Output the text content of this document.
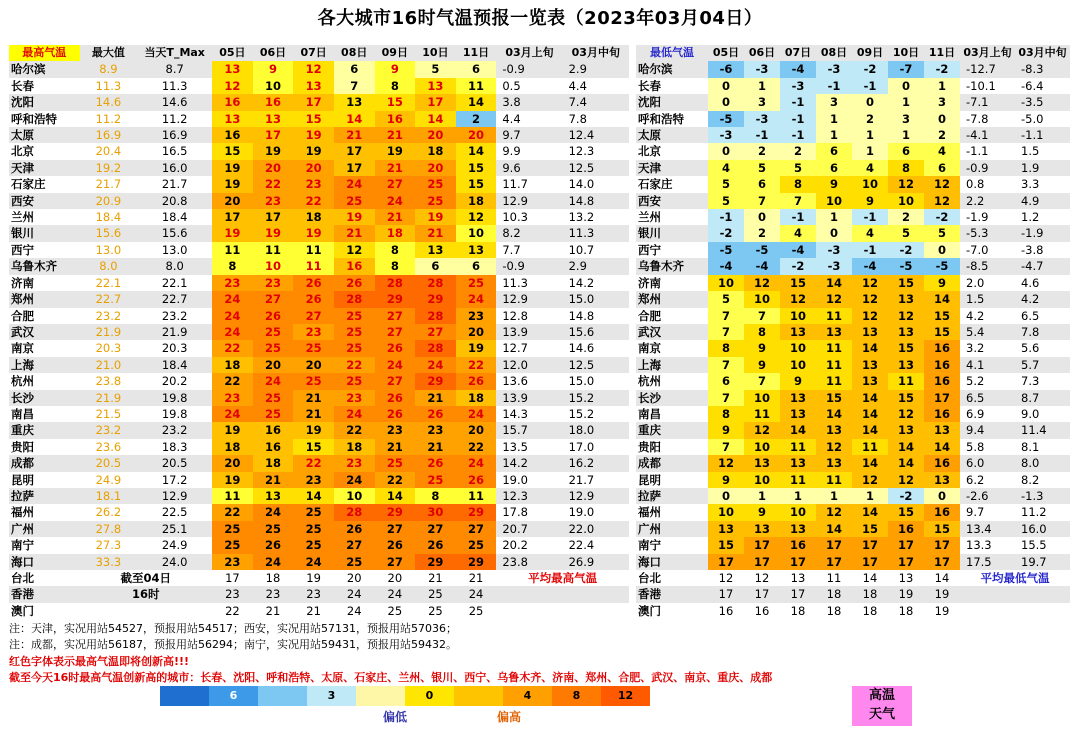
各大城市16时气温预报一览表（2023年03月04日）
最高气温	最大值	当天T_Max	05日	06日	07日	08日	09日	10日	11日	03月上旬	03月中旬
哈尔滨	8.9	8.7	13	9	12	6	9	5	6	-0.9	2.9
长春	11.3	11.3	12	10	13	7	8	13	11	0.5	4.4
沈阳	14.6	14.6	16	16	17	13	15	17	14	3.8	7.4
呼和浩特	11.2	11.2	13	13	15	14	16	14	2	4.4	7.8
太原	16.9	16.9	16	17	19	21	21	20	20	9.7	12.4
北京	20.4	16.5	15	19	19	17	19	18	14	9.9	12.3
天津	19.2	16.0	19	20	20	17	21	20	15	9.6	12.5
石家庄	21.7	21.7	19	22	23	24	27	25	15	11.7	14.0
西安	20.9	20.8	20	23	22	25	24	25	18	12.9	14.8
兰州	18.4	18.4	17	17	18	19	21	19	12	10.3	13.2
银川	15.6	15.6	19	19	19	21	18	21	10	8.2	11.3
西宁	13.0	13.0	11	11	11	12	8	13	13	7.7	10.7
乌鲁木齐	8.0	8.0	8	10	11	16	8	6	6	-0.9	2.9
济南	22.1	22.1	23	23	26	26	28	28	25	11.3	14.2
郑州	22.7	22.7	24	27	26	28	29	29	24	12.9	15.0
合肥	23.2	23.2	24	26	27	25	27	28	23	12.8	14.8
武汉	21.9	21.9	24	25	23	25	27	27	20	13.9	15.6
南京	20.3	20.3	22	25	25	25	26	28	19	12.7	14.6
上海	21.0	18.4	18	20	20	22	24	24	22	12.0	12.5
杭州	23.8	20.2	22	24	25	25	27	29	26	13.6	15.0
长沙	21.9	19.8	23	25	21	23	26	21	18	13.9	15.2
南昌	21.5	19.8	24	25	21	24	26	26	24	14.3	15.2
重庆	23.2	23.2	19	16	19	22	23	23	20	15.7	18.0
贵阳	23.6	18.3	18	16	15	18	21	21	22	13.5	17.0
成都	20.5	20.5	20	18	22	23	25	26	24	14.2	16.2
昆明	24.9	17.2	19	21	23	24	22	25	26	19.0	21.7
拉萨	18.1	12.9	11	13	14	10	14	8	11	12.3	12.9
福州	26.2	22.5	22	24	25	28	29	30	29	17.8	19.0
广州	27.8	25.1	25	25	25	26	27	27	27	20.7	22.0
南宁	27.3	24.9	25	26	25	27	26	26	25	20.2	22.4
海口	33.3	24.0	23	24	24	25	27	29	29	23.8	26.9
台北	截至04日		17	18	19	20	20	21	21	平均最高气温	
香港	16时		23	23	23	24	24	25	24		
澳门			22	21	21	24	25	25	25		
最低气温	05日	06日	07日	08日	09日	10日	11日	03月上旬	03月中旬
哈尔滨	-6	-3	-4	-3	-2	-7	-2	-12.7	-8.3
长春	0	1	-3	-1	-1	0	1	-10.1	-6.4
沈阳	0	3	-1	3	0	1	3	-7.1	-3.5
呼和浩特	-5	-3	-1	1	2	3	0	-7.8	-5.0
太原	-3	-1	-1	1	1	1	2	-4.1	-1.1
北京	0	2	2	6	1	6	4	-1.1	1.5
天津	4	5	5	6	4	8	6	-0.9	1.9
石家庄	5	6	8	9	10	12	12	0.8	3.3
西安	5	7	7	10	9	10	12	2.2	4.9
兰州	-1	0	-1	1	-1	2	-2	-1.9	1.2
银川	-2	2	4	0	4	5	5	-5.3	-1.9
西宁	-5	-5	-4	-3	-1	-2	0	-7.0	-3.8
乌鲁木齐	-4	-4	-2	-3	-4	-5	-5	-8.5	-4.7
济南	10	12	15	14	12	15	9	2.0	4.6
郑州	5	10	12	12	12	13	14	1.5	4.2
合肥	7	7	10	11	12	12	15	4.2	6.5
武汉	7	8	13	13	13	13	15	5.4	7.8
南京	8	9	10	11	14	15	16	3.2	5.6
上海	7	9	10	11	13	13	16	4.1	5.7
杭州	6	7	9	11	13	11	16	5.2	7.3
长沙	7	10	13	15	14	15	17	6.5	8.7
南昌	8	11	13	14	14	12	16	6.9	9.0
重庆	9	12	14	13	14	13	13	9.4	11.4
贵阳	7	10	11	12	11	14	14	5.8	8.1
成都	12	13	13	13	14	14	16	6.0	8.0
昆明	9	10	11	11	12	12	13	6.2	8.2
拉萨	0	1	1	1	1	-2	0	-2.6	-1.3
福州	10	9	10	12	14	15	16	9.7	11.2
广州	13	13	13	14	15	16	15	13.4	16.0
南宁	15	17	16	17	17	17	17	13.3	15.5
海口	17	17	17	17	17	17	17	17.5	19.7
台北	12	12	13	11	14	13	14	平均最低气温	
香港	17	17	17	18	18	19	19		
澳门	16	16	18	18	18	18	19		
注：天津，实况用站54527，预报用站54517；西安，实况用站57131，预报用站57036；
注：成都，实况用站56187，预报用站56294；南宁，实况用站59431，预报用站59432。
红色字体表示最高气温即将创新高!!!
截至今天16时最高气温创新高的城市：长春、沈阳、呼和浩特、太原、石家庄、兰州、银川、西宁、乌鲁木齐、济南、郑州、合肥、武汉、南京、重庆、成都
6	3	0	4	8	12
偏低	偏高
高温
天气
